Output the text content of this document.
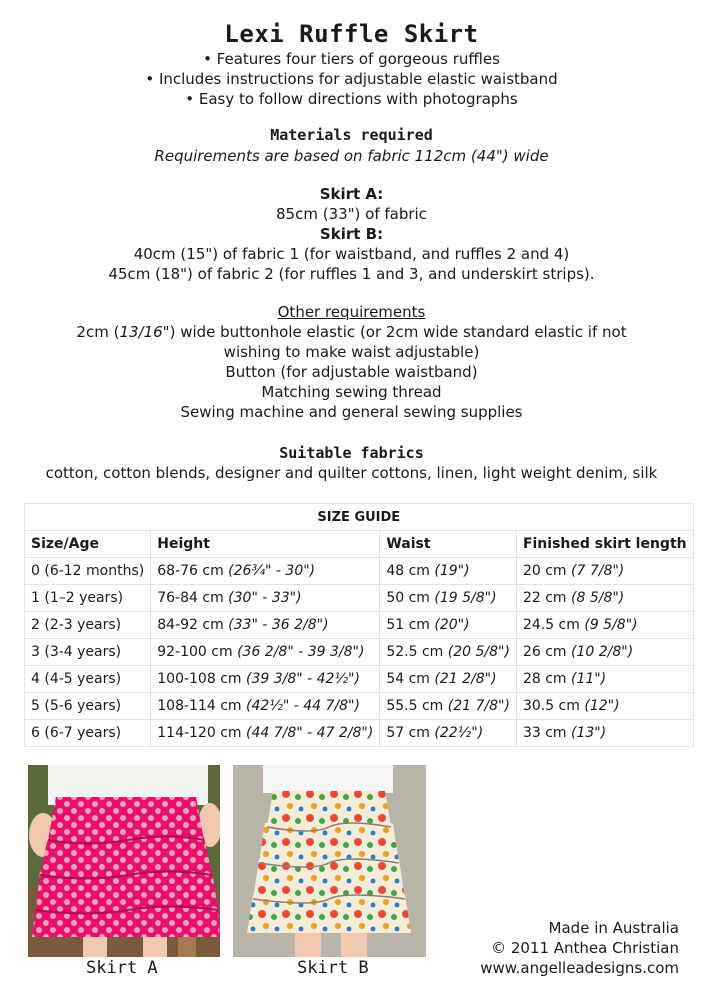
Lexi Ruffle Skirt
• Features four tiers of gorgeous ruffles
• Includes instructions for adjustable elastic waistband
• Easy to follow directions with photographs
Materials required
Requirements are based on fabric 112cm (44") wide
Skirt A:
85cm (33") of fabric
Skirt B:
40cm (15") of fabric 1 (for waistband, and ruffles 2 and 4)
45cm (18") of fabric 2 (for ruffles 1 and 3, and underskirt strips).
Other requirements
2cm (13/16") wide buttonhole elastic (or 2cm wide standard elastic if not
wishing to make waist adjustable)
Button (for adjustable waistband)
Matching sewing thread
Sewing machine and general sewing supplies
Suitable fabrics
cotton, cotton blends, designer and quilter cottons, linen, light weight denim, silk
SIZE GUIDE			
Size/Age	Height	Waist	Finished skirt length
0 (6-12 months)	68-76 cm (26¾" - 30")	48 cm (19")	20 cm (7 7/8")
1 (1–2 years)	76-84 cm (30" - 33")	50 cm (19 5/8")	22 cm (8 5/8")
2 (2-3 years)	84-92 cm (33" - 36 2/8")	51 cm (20")	24.5 cm (9 5/8")
3 (3-4 years)	92-100 cm (36 2/8" - 39 3/8")	52.5 cm (20 5/8")	26 cm (10 2/8")
4 (4-5 years)	100-108 cm (39 3/8" - 42½")	54 cm (21 2/8")	28 cm (11")
5 (5-6 years)	108-114 cm (42½" - 44 7/8")	55.5 cm (21 7/8")	30.5 cm (12")
6 (6-7 years)	114-120 cm (44 7/8" - 47 2/8")	57 cm (22½")	33 cm (13")
Skirt A	Skirt B
Made in Australia
© 2011 Anthea Christian
www.angelleadesigns.com
